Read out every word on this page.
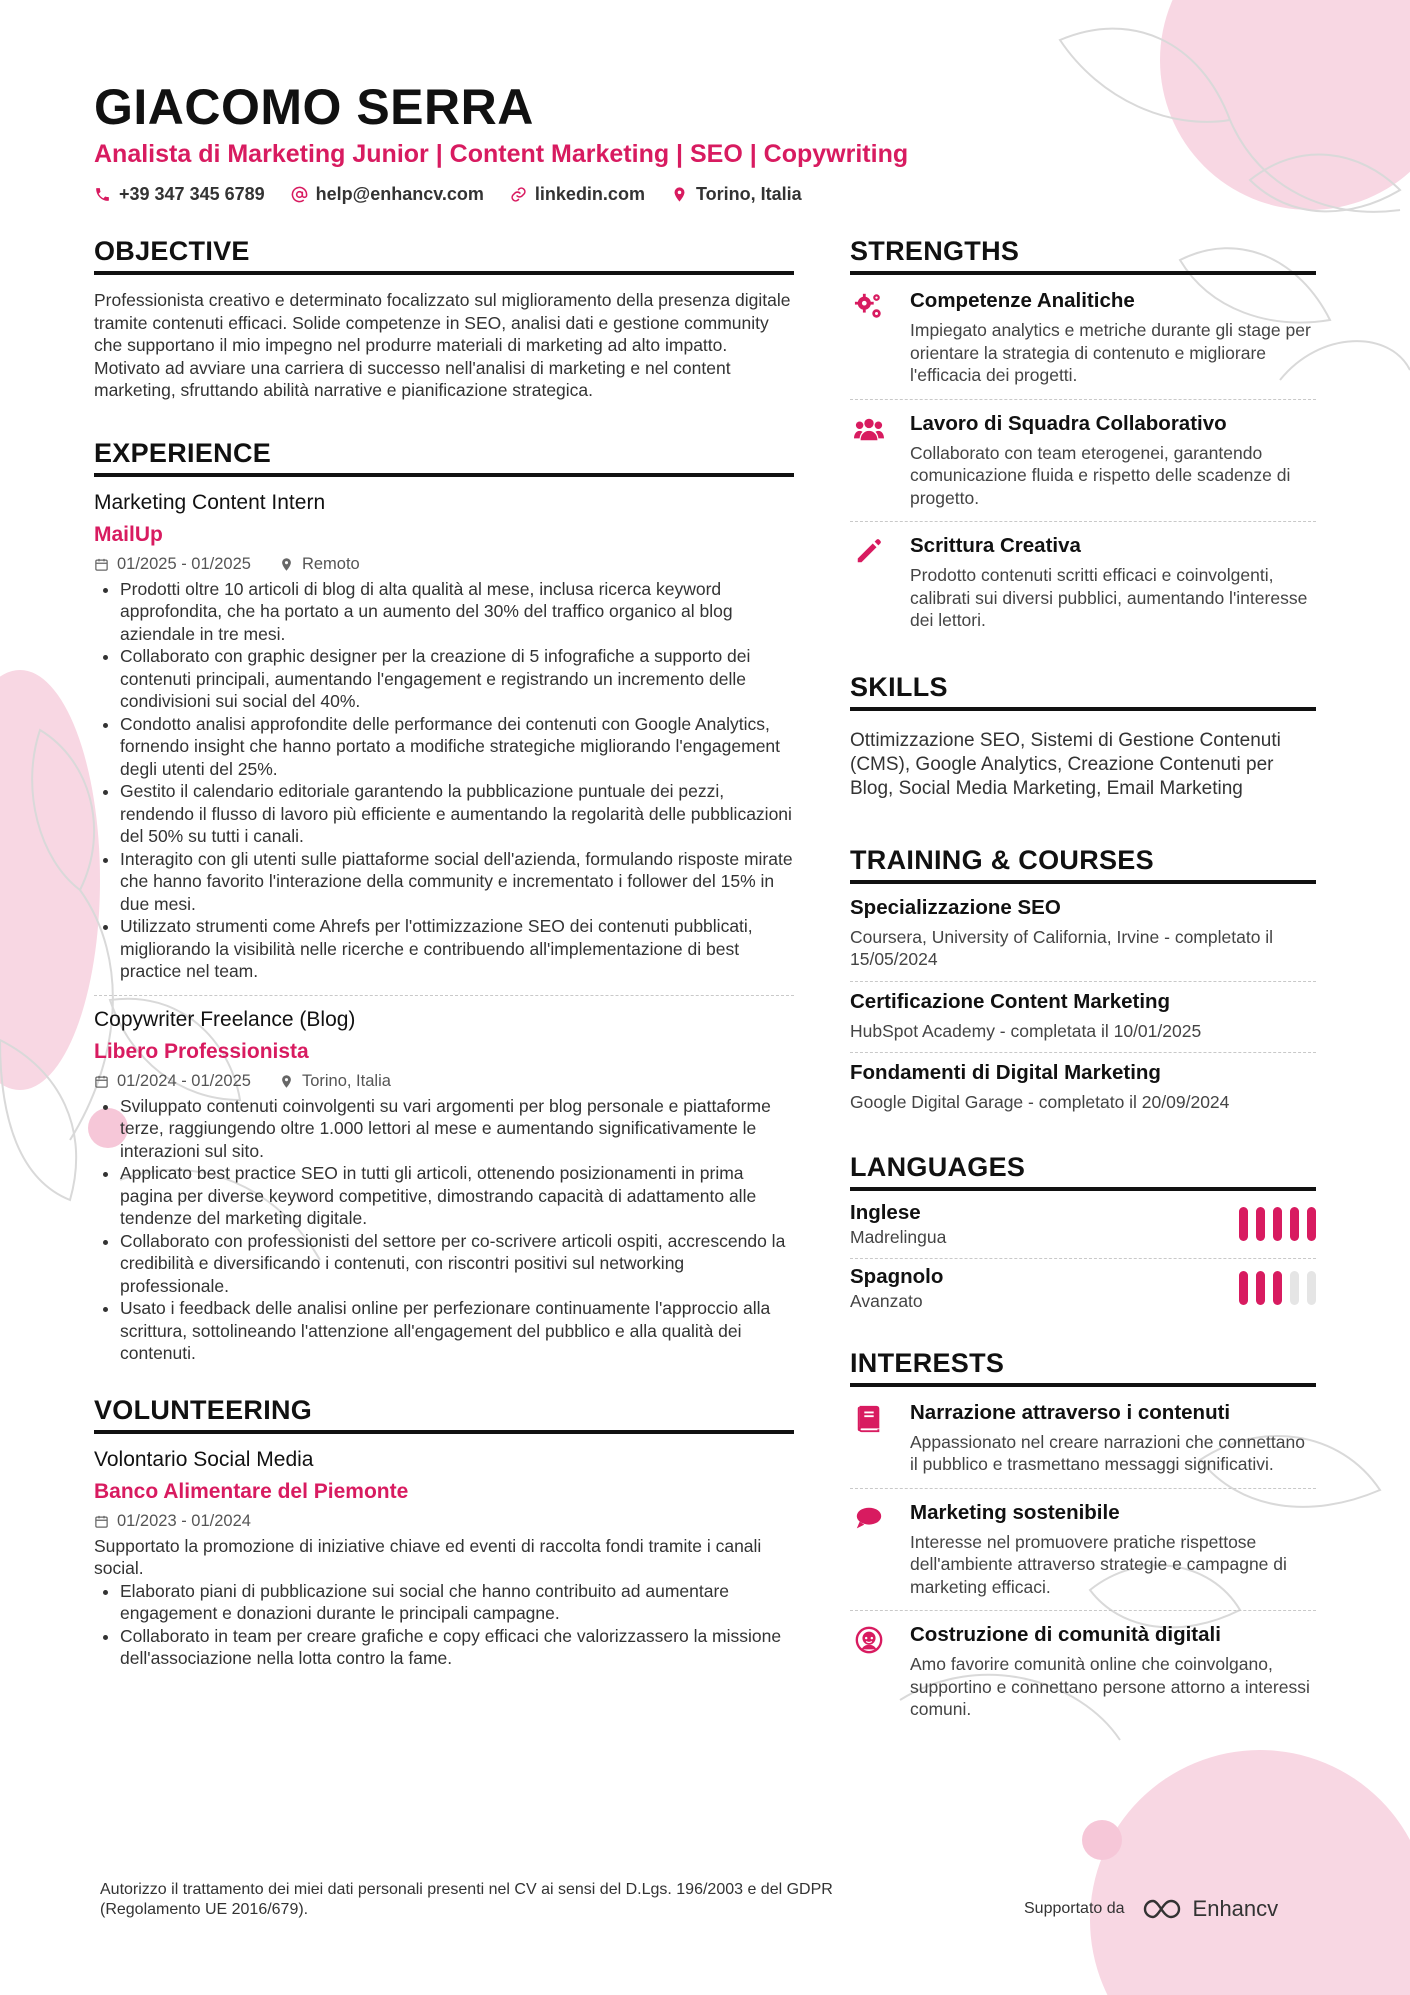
GIACOMO SERRA
Analista di Marketing Junior | Content Marketing | SEO | Copywriting
+39 347 345 6789	help@enhancv.com	linkedin.com	Torino, Italia
OBJECTIVE

Professionista creativo e determinato focalizzato sul miglioramento della presenza digitale tramite contenuti efficaci. Solide competenze in SEO, analisi dati e gestione community che supportano il mio impegno nel produrre materiali di marketing ad alto impatto. Motivato ad avviare una carriera di successo nell'analisi di marketing e nel content marketing, sfruttando abilità narrative e pianificazione strategica.

EXPERIENCE
Marketing Content Intern
MailUp
01/2025 - 01/2025	Remoto
• Prodotti oltre 10 articoli di blog di alta qualità al mese, inclusa ricerca keyword approfondita, che ha portato a un aumento del 30% del traffico organico al blog aziendale in tre mesi.
• Collaborato con graphic designer per la creazione di 5 infografiche a supporto dei contenuti principali, aumentando l'engagement e registrando un incremento delle condivisioni sui social del 40%.
• Condotto analisi approfondite delle performance dei contenuti con Google Analytics, fornendo insight che hanno portato a modifiche strategiche migliorando l'engagement degli utenti del 25%.
• Gestito il calendario editoriale garantendo la pubblicazione puntuale dei pezzi, rendendo il flusso di lavoro più efficiente e aumentando la regolarità delle pubblicazioni del 50% su tutti i canali.
• Interagito con gli utenti sulle piattaforme social dell'azienda, formulando risposte mirate che hanno favorito l'interazione della community e incrementato i follower del 15% in due mesi.
• Utilizzato strumenti come Ahrefs per l'ottimizzazione SEO dei contenuti pubblicati, migliorando la visibilità nelle ricerche e contribuendo all'implementazione di best practice nel team.
Copywriter Freelance (Blog)
Libero Professionista
01/2024 - 01/2025	Torino, Italia
• Sviluppato contenuti coinvolgenti su vari argomenti per blog personale e piattaforme terze, raggiungendo oltre 1.000 lettori al mese e aumentando significativamente le interazioni sul sito.
• Applicato best practice SEO in tutti gli articoli, ottenendo posizionamenti in prima pagina per diverse keyword competitive, dimostrando capacità di adattamento alle tendenze del marketing digitale.
• Collaborato con professionisti del settore per co-scrivere articoli ospiti, accrescendo la credibilità e diversificando i contenuti, con riscontri positivi sul networking professionale.
• Usato i feedback delle analisi online per perfezionare continuamente l'approccio alla scrittura, sottolineando l'attenzione all'engagement del pubblico e alla qualità dei contenuti.
VOLUNTEERING
Volontario Social Media
Banco Alimentare del Piemonte
01/2023 - 01/2024

Supportato la promozione di iniziative chiave ed eventi di raccolta fondi tramite i canali social.

• Elaborato piani di pubblicazione sui social che hanno contribuito ad aumentare engagement e donazioni durante le principali campagne.
• Collaborato in team per creare grafiche e copy efficaci che valorizzassero la missione dell'associazione nella lotta contro la fame.
STRENGTHS
Competenze Analitiche
Impiegato analytics e metriche durante gli stage per orientare la strategia di contenuto e migliorare l'efficacia dei progetti.
Lavoro di Squadra Collaborativo
Collaborato con team eterogenei, garantendo comunicazione fluida e rispetto delle scadenze di progetto.
Scrittura Creativa
Prodotto contenuti scritti efficaci e coinvolgenti, calibrati sui diversi pubblici, aumentando l'interesse dei lettori.
SKILLS
Ottimizzazione SEO, Sistemi di Gestione Contenuti (CMS), Google Analytics, Creazione Contenuti per Blog, Social Media Marketing, Email Marketing
TRAINING & COURSES
Specializzazione SEO
Coursera, University of California, Irvine - completato il 15/05/2024
Certificazione Content Marketing
HubSpot Academy - completata il 10/01/2025
Fondamenti di Digital Marketing
Google Digital Garage - completato il 20/09/2024
LANGUAGES
Inglese
Madrelingua
Spagnolo
Avanzato
INTERESTS
Narrazione attraverso i contenuti
Appassionato nel creare narrazioni che connettano il pubblico e trasmettano messaggi significativi.
Marketing sostenibile
Interesse nel promuovere pratiche rispettose dell'ambiente attraverso strategie e campagne di marketing efficaci.
Costruzione di comunità digitali
Amo favorire comunità online che coinvolgano, supportino e connettano persone attorno a interessi comuni.
Autorizzo il trattamento dei miei dati personali presenti nel CV ai sensi del D.Lgs. 196/2003 e del GDPR (Regolamento UE 2016/679).	Supportato da	Enhancv
